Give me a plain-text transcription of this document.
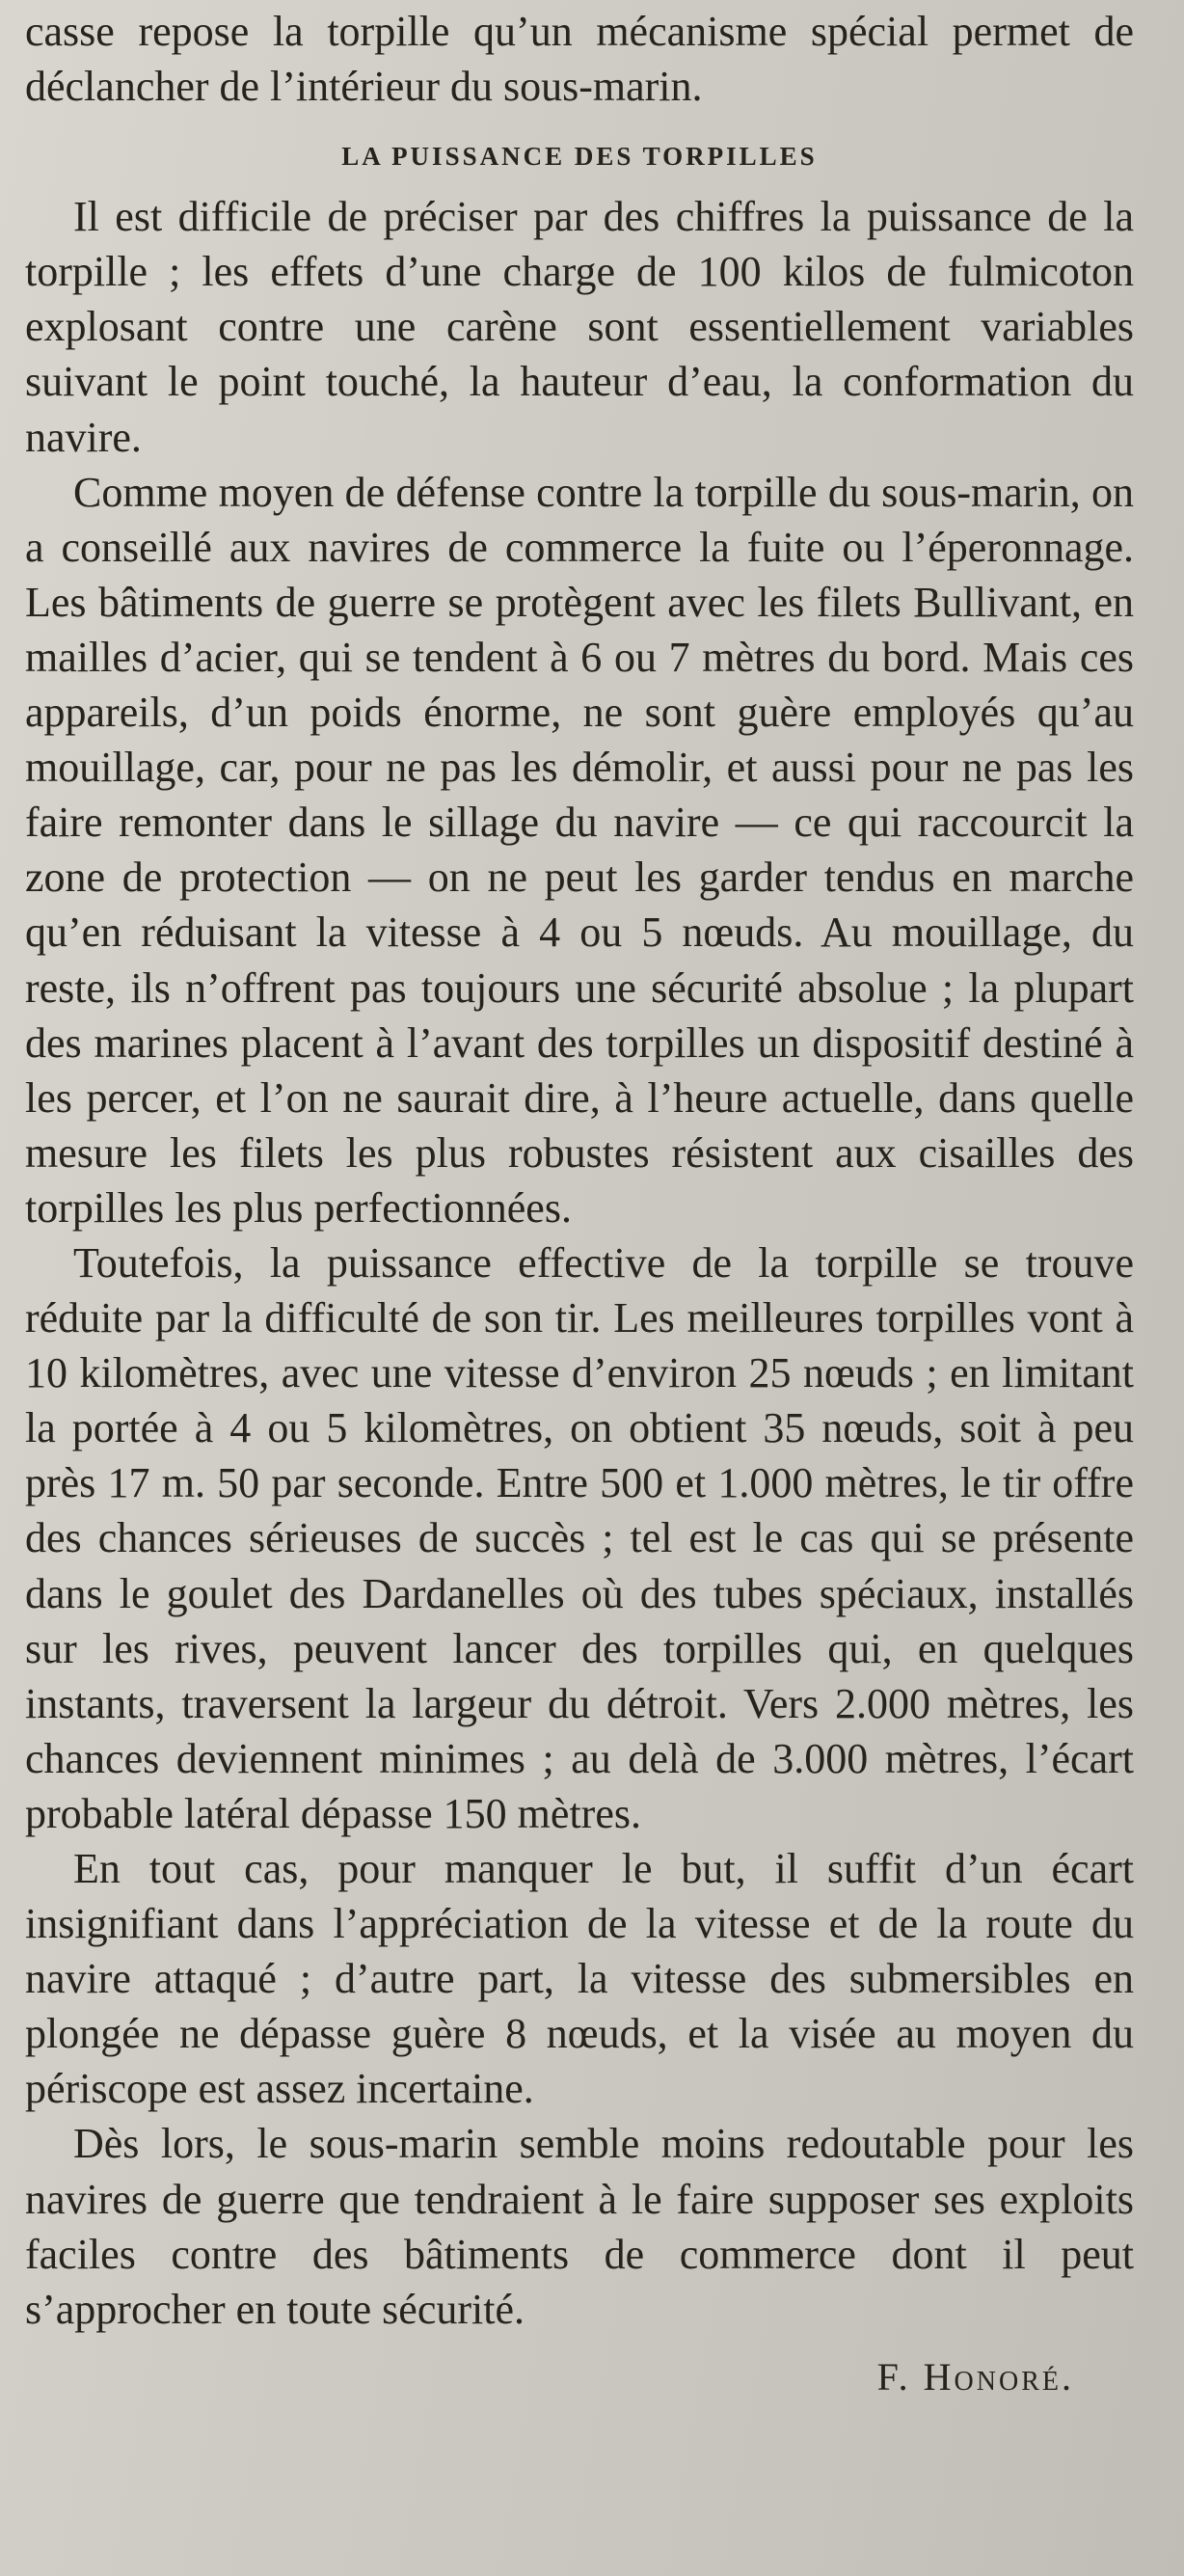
casse repose la torpille qu’un mécanisme spécial permet de déclancher de l’intérieur du sous-marin.

LA PUISSANCE DES TORPILLES

Il est difficile de préciser par des chiffres la puissance de la torpille ; les effets d’une charge de 100 kilos de fulmicoton explosant contre une carène sont essentiellement variables suivant le point touché, la hauteur d’eau, la conformation du navire.

Comme moyen de défense contre la torpille du sous-marin, on a conseillé aux navires de commerce la fuite ou l’éperonnage. Les bâtiments de guerre se protègent avec les filets Bullivant, en mailles d’acier, qui se tendent à 6 ou 7 mètres du bord. Mais ces appareils, d’un poids énorme, ne sont guère employés qu’au mouillage, car, pour ne pas les démolir, et aussi pour ne pas les faire remonter dans le sillage du navire — ce qui raccourcit la zone de protection — on ne peut les garder tendus en marche qu’en réduisant la vitesse à 4 ou 5 nœuds. Au mouillage, du reste, ils n’offrent pas toujours une sécurité absolue ; la plupart des marines placent à l’avant des torpilles un dispositif destiné à les percer, et l’on ne saurait dire, à l’heure actuelle, dans quelle mesure les filets les plus robustes résistent aux cisailles des torpilles les plus perfectionnées.

Toutefois, la puissance effective de la torpille se trouve réduite par la difficulté de son tir. Les meilleures torpilles vont à 10 kilomètres, avec une vitesse d’environ 25 nœuds ; en limitant la portée à 4 ou 5 kilomètres, on obtient 35 nœuds, soit à peu près 17 m. 50 par seconde. Entre 500 et 1.000 mètres, le tir offre des chances sérieuses de succès ; tel est le cas qui se présente dans le goulet des Dardanelles où des tubes spéciaux, installés sur les rives, peuvent lancer des torpilles qui, en quelques instants, traversent la largeur du détroit. Vers 2.000 mètres, les chances deviennent minimes ; au delà de 3.000 mètres, l’écart probable latéral dépasse 150 mètres.

En tout cas, pour manquer le but, il suffit d’un écart insignifiant dans l’appréciation de la vitesse et de la route du navire attaqué ; d’autre part, la vitesse des submersibles en plongée ne dépasse guère 8 nœuds, et la visée au moyen du périscope est assez incertaine.

Dès lors, le sous-marin semble moins redoutable pour les navires de guerre que tendraient à le faire supposer ses exploits faciles contre des bâtiments de commerce dont il peut s’approcher en toute sécurité.

F. Honoré.
